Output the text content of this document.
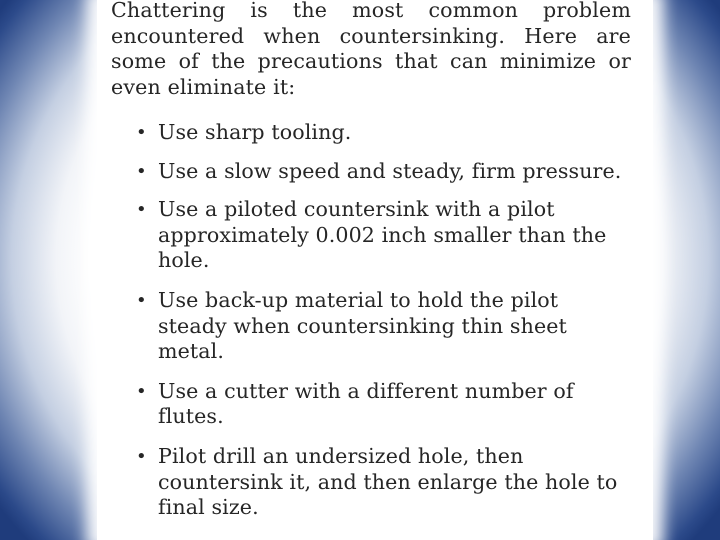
Chattering is the most common problem encountered when countersinking. Here are some of the precautions that can minimize or even eliminate it:

• Use sharp tooling.
• Use a slow speed and steady, firm pressure.
• Use a piloted countersink with a pilot approximately 0.002 inch smaller than the hole.
• Use back-up material to hold the pilot steady when countersinking thin sheet metal.
• Use a cutter with a different number of flutes.
• Pilot drill an undersized hole, then countersink it, and then enlarge the hole to final size.
